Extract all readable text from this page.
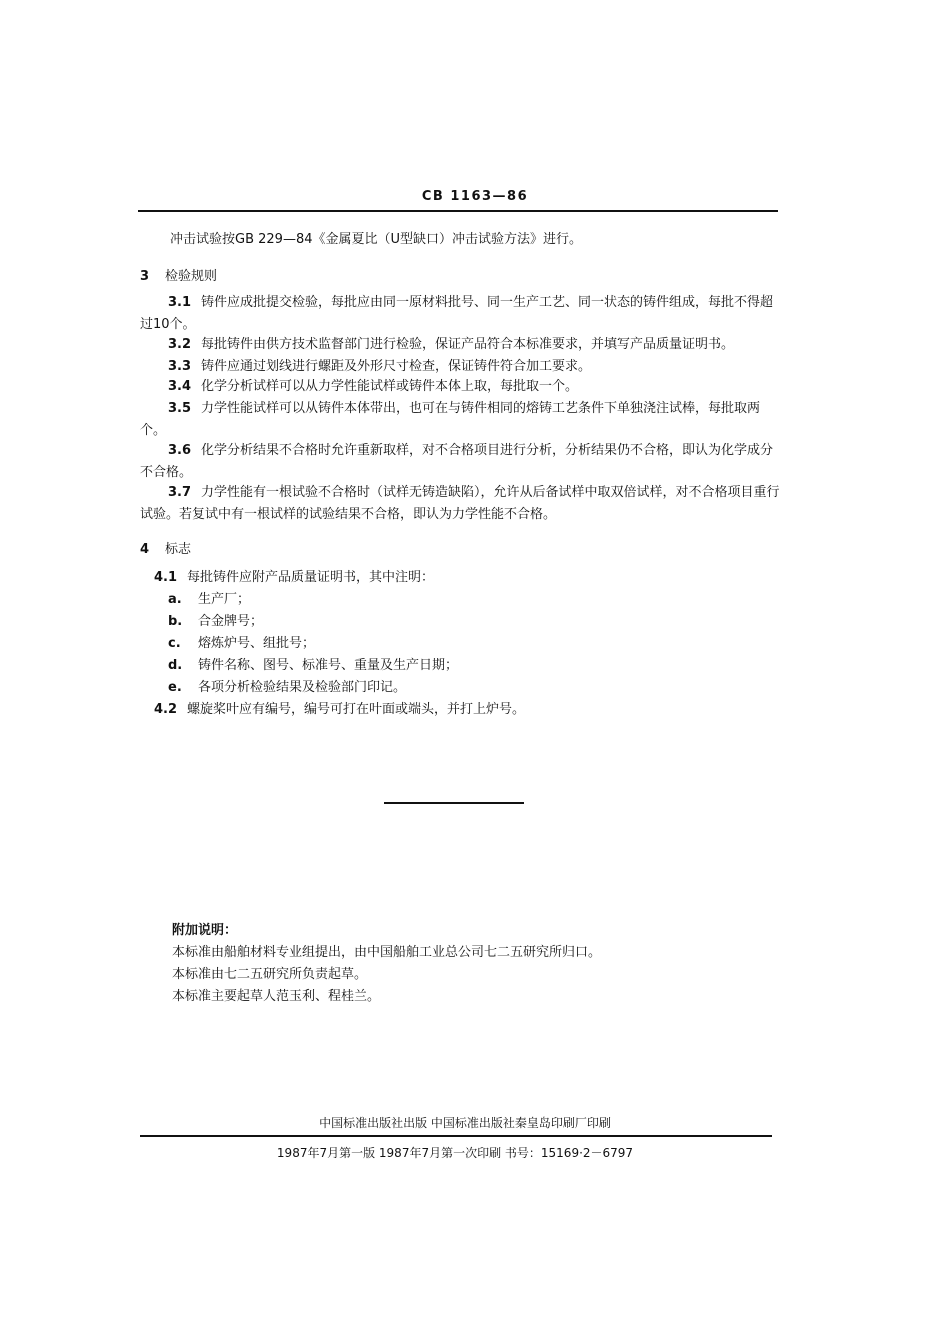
CB 1163—86
冲击试验按GB 229—84《金属夏比（U型缺口）冲击试验方法》进行。
3 检验规则
3.1 铸件应成批提交检验，每批应由同一原材料批号、同一生产工艺、同一状态的铸件组成，每批不得超过10个。
3.2 每批铸件由供方技术监督部门进行检验，保证产品符合本标准要求，并填写产品质量证明书。
3.3 铸件应通过划线进行螺距及外形尺寸检查，保证铸件符合加工要求。
3.4 化学分析试样可以从力学性能试样或铸件本体上取，每批取一个。
3.5 力学性能试样可以从铸件本体带出，也可在与铸件相同的熔铸工艺条件下单独浇注试棒，每批取两个。
3.6 化学分析结果不合格时允许重新取样，对不合格项目进行分析，分析结果仍不合格，即认为化学成分不合格。
3.7 力学性能有一根试验不合格时（试样无铸造缺陷），允许从后备试样中取双倍试样，对不合格项目重行试验。若复试中有一根试样的试验结果不合格，即认为力学性能不合格。
4 标志
4.1 每批铸件应附产品质量证明书，其中注明：
a. 生产厂；
b. 合金牌号；
c. 熔炼炉号、组批号；
d. 铸件名称、图号、标准号、重量及生产日期；
e. 各项分析检验结果及检验部门印记。
4.2 螺旋桨叶应有编号，编号可打在叶面或端头，并打上炉号。
附加说明：
本标准由船舶材料专业组提出，由中国船舶工业总公司七二五研究所归口。
本标准由七二五研究所负责起草。
本标准主要起草人范玉利、程桂兰。
中国标准出版社出版 中国标准出版社秦皇岛印刷厂印刷
1987年7月第一版 1987年7月第一次印刷 书号：15169·2－6797
